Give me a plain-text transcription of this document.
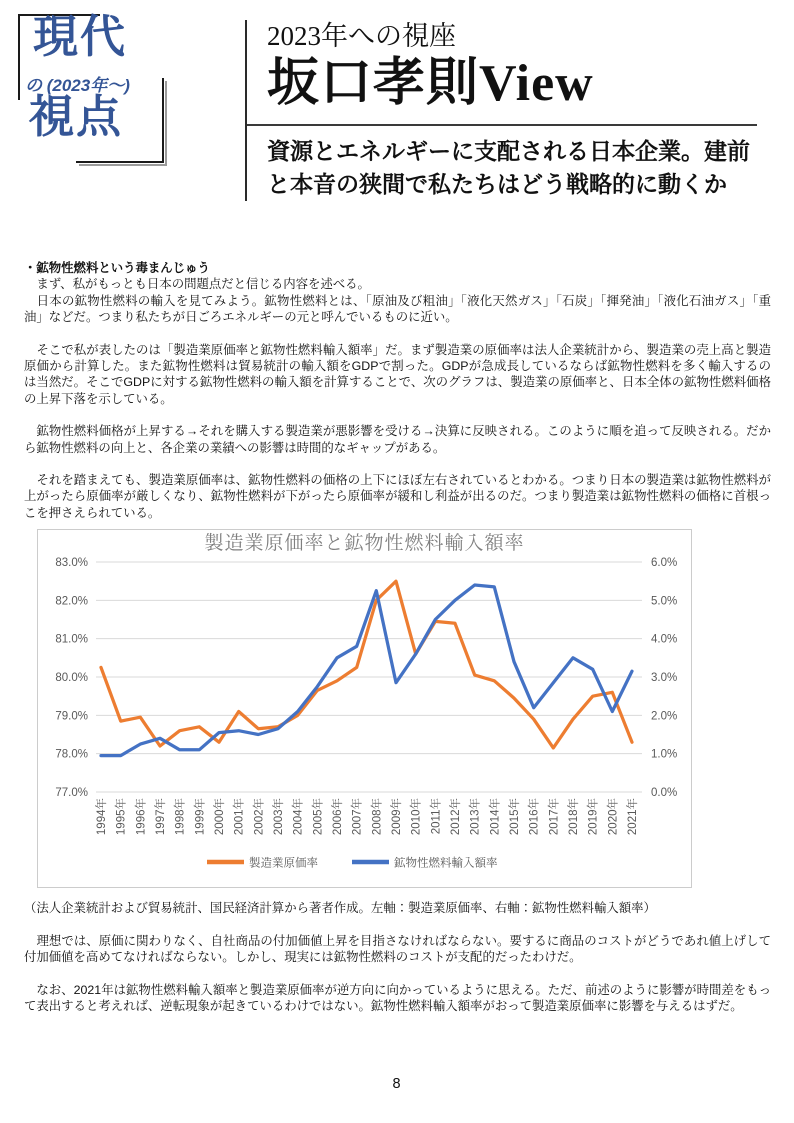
現代
の (2023年〜)
視点
2023年への視座
坂口孝則View
資源とエネルギーに支配される日本企業。建前と本音の狭間で私たちはどう戦略的に動くか
・鉱物性燃料という毒まんじゅう
　まず、私がもっとも日本の問題点だと信じる内容を述べる。
　日本の鉱物性燃料の輸入を見てみよう。鉱物性燃料とは、「原油及び粗油」「液化天然ガス」「石炭」「揮発油」「液化石油ガス」「重油」などだ。つまり私たちが日ごろエネルギーの元と呼んでいるものに近い。
　そこで私が表したのは「製造業原価率と鉱物性燃料輸入額率」だ。まず製造業の原価率は法人企業統計から、製造業の売上高と製造原価から計算した。また鉱物性燃料は貿易統計の輸入額をGDPで割った。GDPが急成長しているならば鉱物性燃料を多く輸入するのは当然だ。そこでGDPに対する鉱物性燃料の輸入額を計算することで、次のグラフは、製造業の原価率と、日本全体の鉱物性燃料価格の上昇下落を示している。
　鉱物性燃料価格が上昇する→それを購入する製造業が悪影響を受ける→決算に反映される。このように順を追って反映される。だから鉱物性燃料の向上と、各企業の業績への影響は時間的なギャップがある。
　それを踏まえても、製造業原価率は、鉱物性燃料の価格の上下にほぼ左右されているとわかる。つまり日本の製造業は鉱物性燃料が上がったら原価率が厳しくなり、鉱物性燃料が下がったら原価率が緩和し利益が出るのだ。つまり製造業は鉱物性燃料の価格に首根っこを押さえられている。
83.0%
82.0%
81.0%
80.0%
79.0%
78.0%
77.0%
6.0%
5.0%
4.0%
3.0%
2.0%
1.0%
0.0%
1994年 1995年 1996年 1997年 1998年 1999年 2000年 2001年 2002年 2003年 2004年 2005年 2006年 2007年 2008年 2009年 2010年 2011年 2012年 2013年 2014年 2015年 2016年 2017年 2018年 2019年 2020年 2021年
製造業原価率	鉱物性燃料輸入額率
製造業原価率と鉱物性燃料輸入額率
（法人企業統計および貿易統計、国民経済計算から著者作成。左軸：製造業原価率、右軸：鉱物性燃料輸入額率）
　理想では、原価に関わりなく、自社商品の付加価値上昇を目指さなければならない。要するに商品のコストがどうであれ値上げして付加価値を高めてなければならない。しかし、現実には鉱物性燃料のコストが支配的だったわけだ。
　なお、2021年は鉱物性燃料輸入額率と製造業原価率が逆方向に向かっているように思える。ただ、前述のように影響が時間差をもって表出すると考えれば、逆転現象が起きているわけではない。鉱物性燃料輸入額率がおって製造業原価率に影響を与えるはずだ。
8
